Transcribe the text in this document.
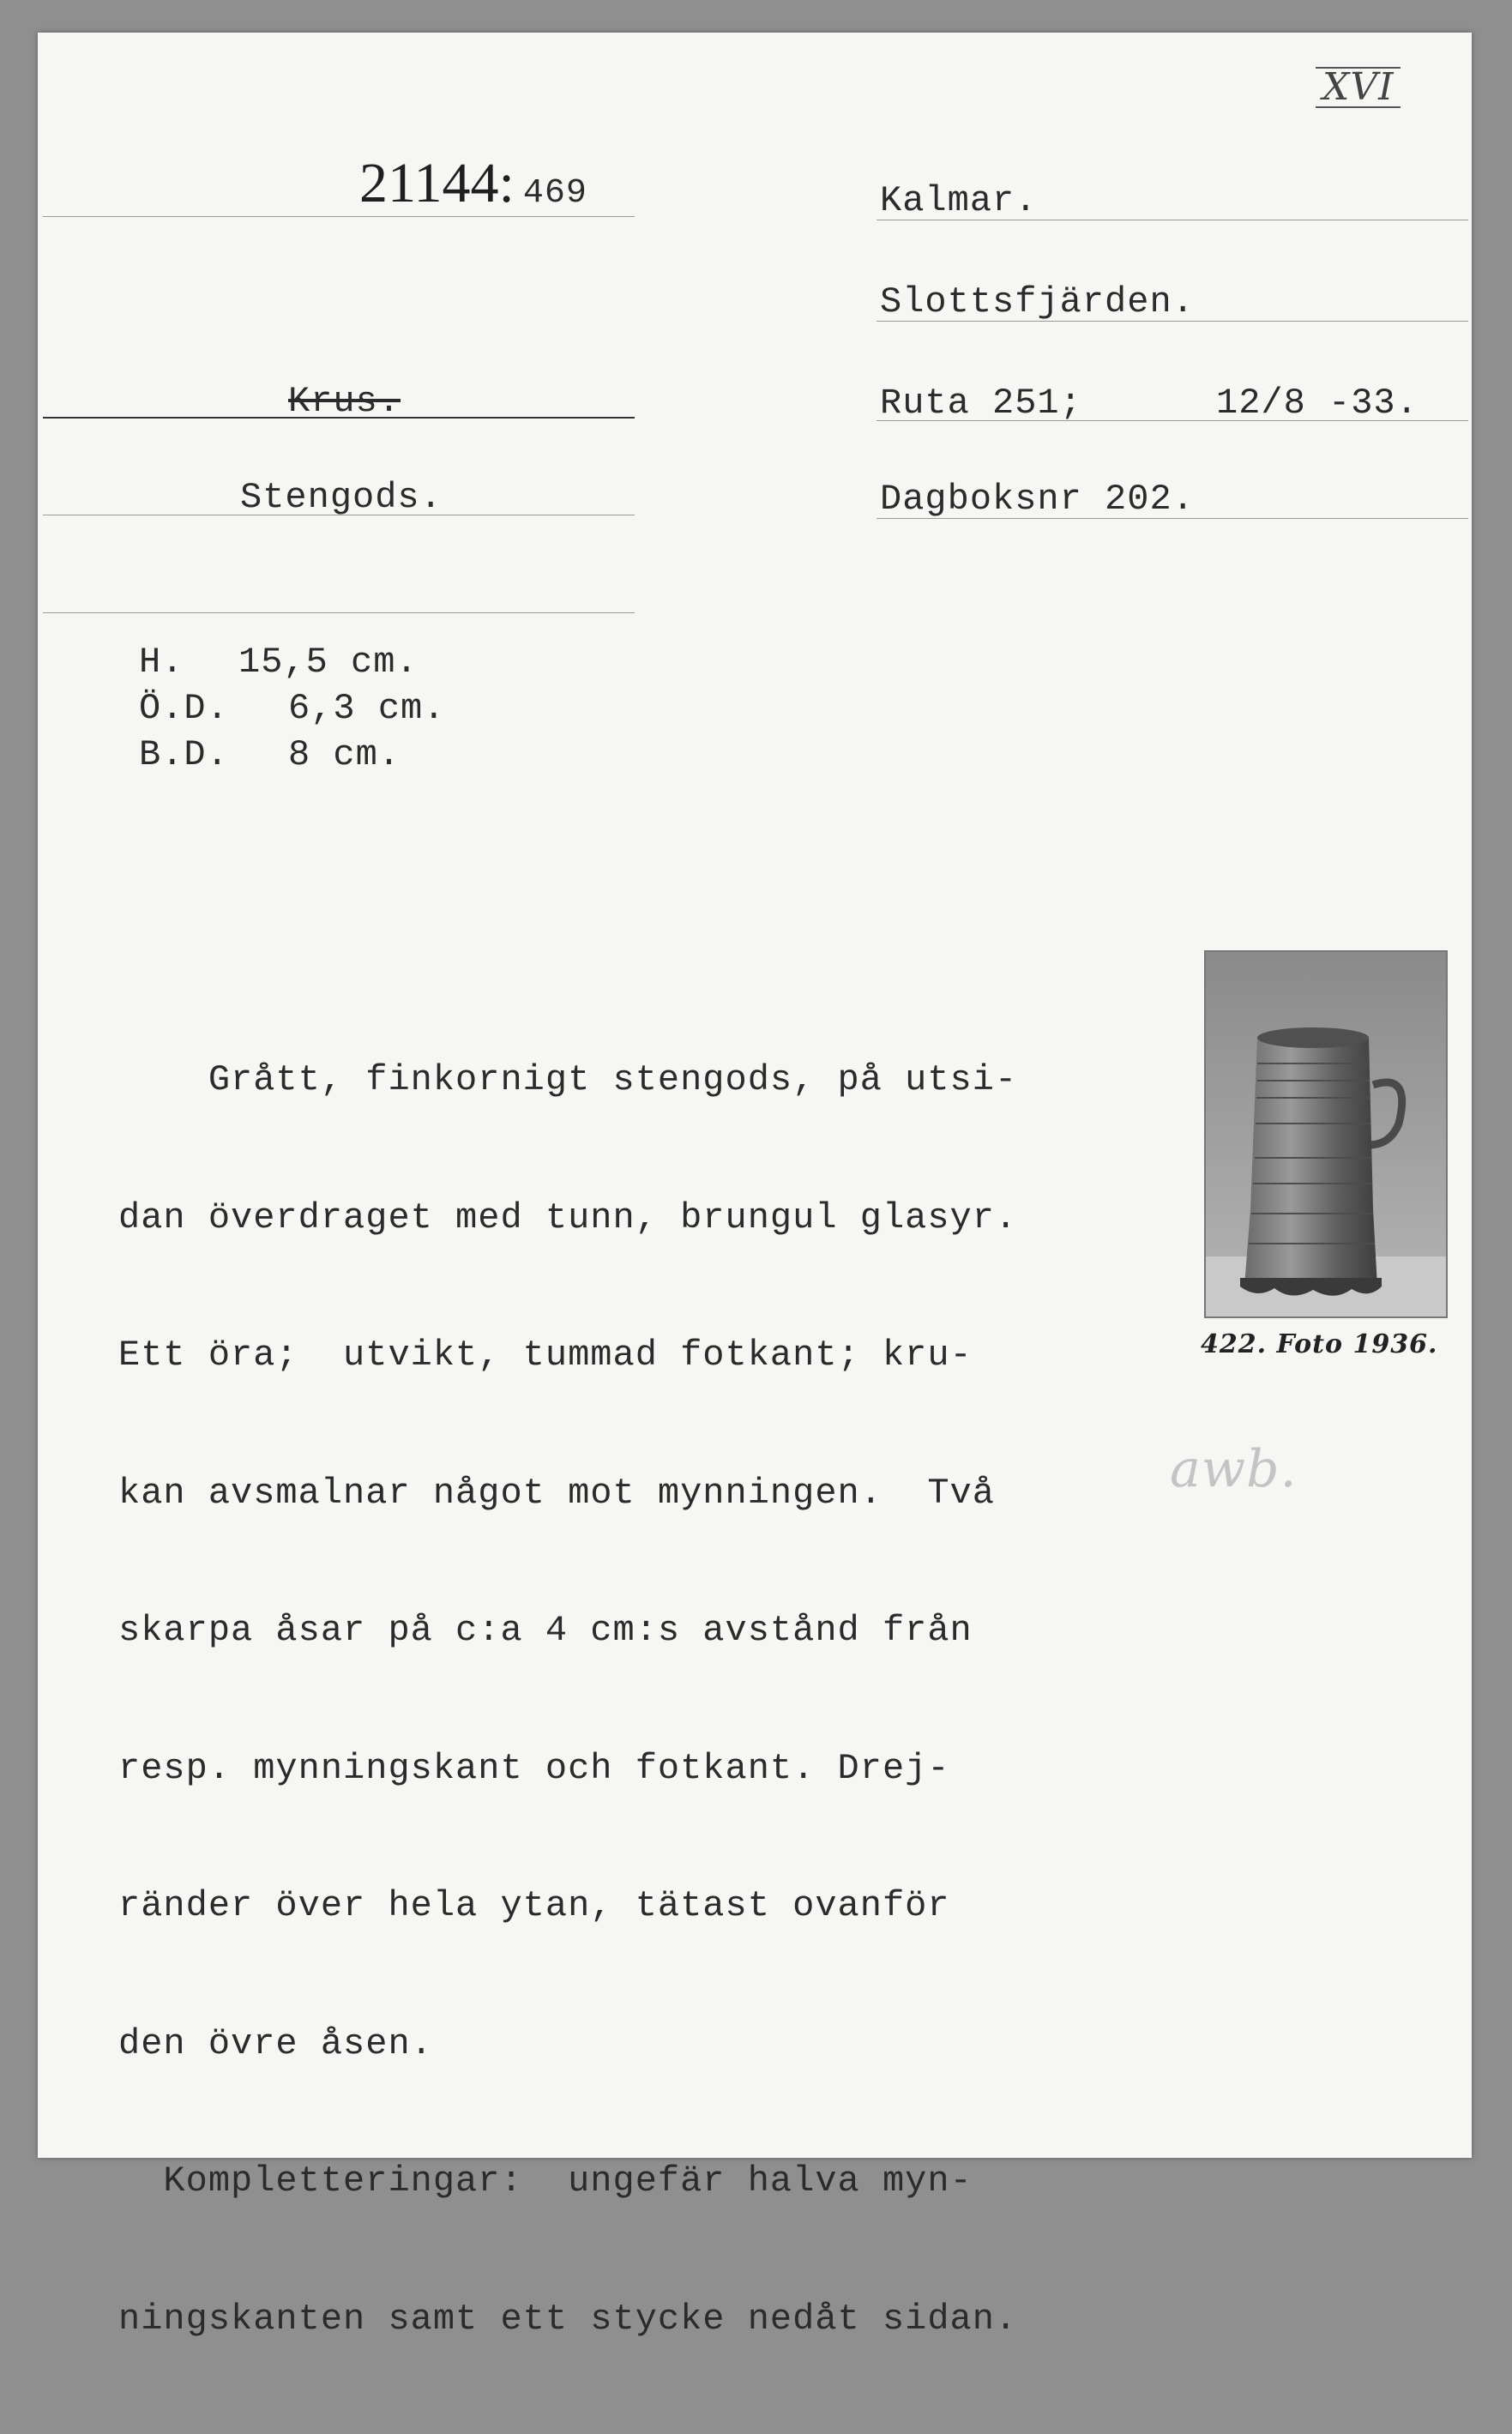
XVI
21144: 469	Kalmar.
Slottsfjärden.
Krus.	Ruta 251;	12/8 -33.
Stengods.	Dagboksnr 202.
H. 15,5 cm.
Ö.D. 6,3 cm.
B.D. 8 cm.

Grått, finkornigt stengods, på utsi-

dan överdraget med tunn, brungul glasyr.

Ett öra;  utvikt, tummad fotkant; kru-

kan avsmalnar något mot mynningen.  Två

skarpa åsar på c:a 4 cm:s avstånd från

resp. mynningskant och fotkant. Drej-

ränder över hela ytan, tätast ovanför

den övre åsen.

Kompletteringar:  ungefär halva myn-

ningskanten samt ett stycke nedåt sidan.

422. Foto 1936.
awb.
